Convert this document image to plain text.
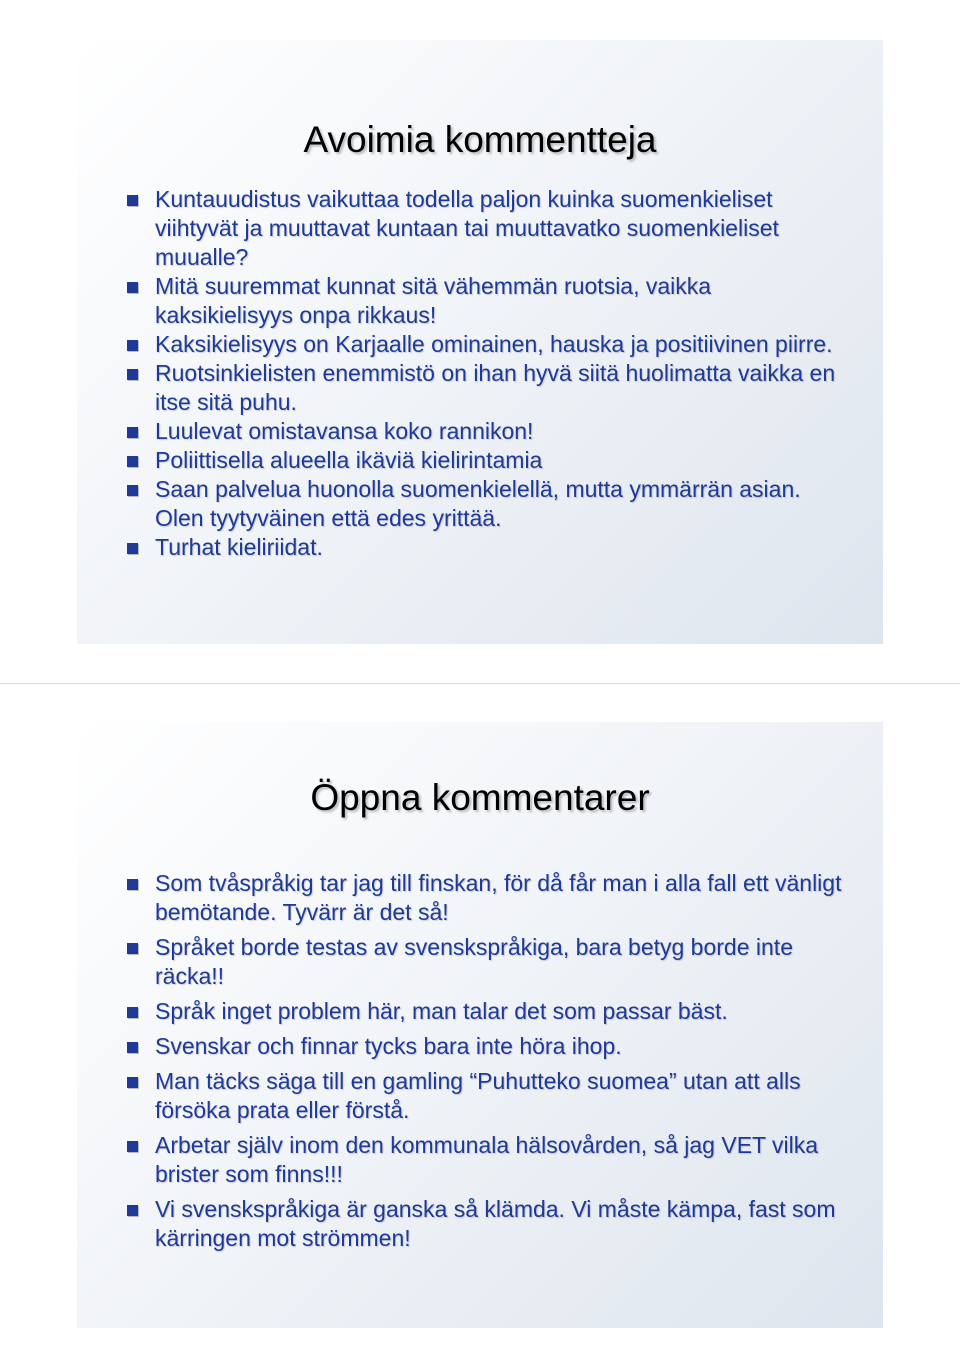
Avoimia kommentteja
Kuntauudistus vaikuttaa todella paljon kuinka suomenkieliset viihtyvät ja muuttavat kuntaan tai muuttavatko suomenkieliset muualle?
Mitä suuremmat kunnat sitä vähemmän ruotsia, vaikka kaksikielisyys onpa rikkaus!
Kaksikielisyys on Karjaalle ominainen, hauska ja positiivinen piirre.
Ruotsinkielisten enemmistö on ihan hyvä siitä huolimatta vaikka en itse sitä puhu.
Luulevat omistavansa koko rannikon!
Poliittisella alueella ikäviä kielirintamia
Saan palvelua huonolla suomenkielellä, mutta ymmärrän asian. Olen tyytyväinen että edes yrittää.
Turhat kieliriidat.
Öppna kommentarer
Som tvåspråkig tar jag till finskan, för då får man i alla fall ett vänligt bemötande. Tyvärr är det så!
Språket borde testas av svenskspråkiga, bara betyg borde inte räcka!!
Språk inget problem här, man talar det som passar bäst.
Svenskar och finnar tycks bara inte höra ihop.
Man täcks säga till en gamling “Puhutteko suomea” utan att alls försöka prata eller förstå.
Arbetar själv inom den kommunala hälsovården, så jag VET vilka brister som finns!!!
Vi svenskspråkiga är ganska så klämda. Vi måste kämpa, fast som kärringen mot strömmen!
